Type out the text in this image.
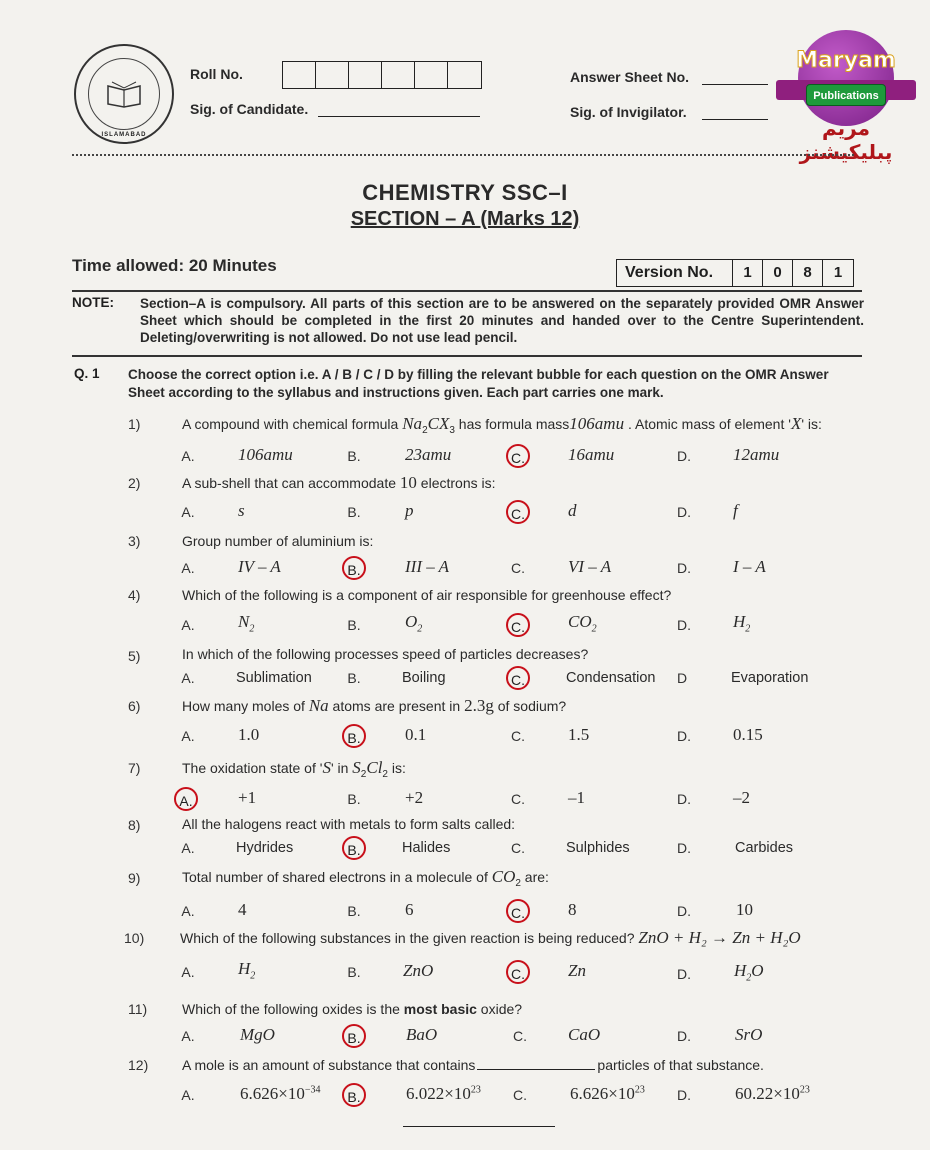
ISLAMABAD
Roll No.
Sig. of Candidate.
Answer Sheet No.
Sig. of Invigilator.
Maryam
Publications
مریم پبلیکیشنز
CHEMISTRY SSC–I
SECTION – A (Marks 12)
Time allowed: 20 Minutes	Version No.	1	0	8	1
NOTE: Section–A is compulsory. All parts of this section are to be answered on the separately provided OMR Answer Sheet which should be completed in the first 20 minutes and handed over to the Centre Superintendent. Deleting/overwriting is not allowed. Do not use lead pencil.
Q. 1 Choose the correct option i.e. A / B / C / D by filling the relevant bubble for each question on the OMR Answer Sheet according to the syllabus and instructions given. Each part carries one mark.
1)	A compound with chemical formula $Na_2CX_3$ has formula mass106amu . Atomic mass of element 'X' is:
A.	106amu	B.	23amu	C.	16amu	D. 12amu
2)	A sub-shell that can accommodate 10 electrons is:
A.	s	B.	p	C.	d	D. f
3)	Group number of aluminium is:
A.	IV – A	B.	III – A	C.	VI – A	D. I – A
4)	Which of the following is a component of air responsible for greenhouse effect?
A.	$N_2$	B.	$O_2$	C.	$CO_2$	D. $H_2$
5)	In which of the following processes speed of particles decreases?
A.	Sublimation	B.	Boiling	C.	Condensation	D	Evaporation
6)	How many moles of Na atoms are present in 2.3g of sodium?
A.	1.0	B.	0.1	C.	1.5	D. 0.15
7)	The oxidation state of 'S' in $S_2Cl_2$ is:
A.	+1	B.	+2	C.	–1	D. –2
8)	All the halogens react with metals to form salts called:
A.	Hydrides	B.	Halides	C.	Sulphides	D.	Carbides
9)	Total number of shared electrons in a molecule of $CO_2$ are:
A.	4	B.	6	C.	8	D.	10
10)	Which of the following substances in the given reaction is being reduced? ZnO + H₂ → Zn + H₂O
A.	$H_2$	B.	ZnO	C.	Zn	D.	$H_2O$
11) Which of the following oxides is the most basic oxide?
A.	MgO	B.	BaO	C. CaO	D.	SrO
12) A mole is an amount of substance that contains	particles of that substance.
A.	$6.626\times 10^{-34}$	B.	$6.022\times 10^{23}$	C.	$6.626\times 10^{23}$	D.	$60.22\times 10^{23}$
